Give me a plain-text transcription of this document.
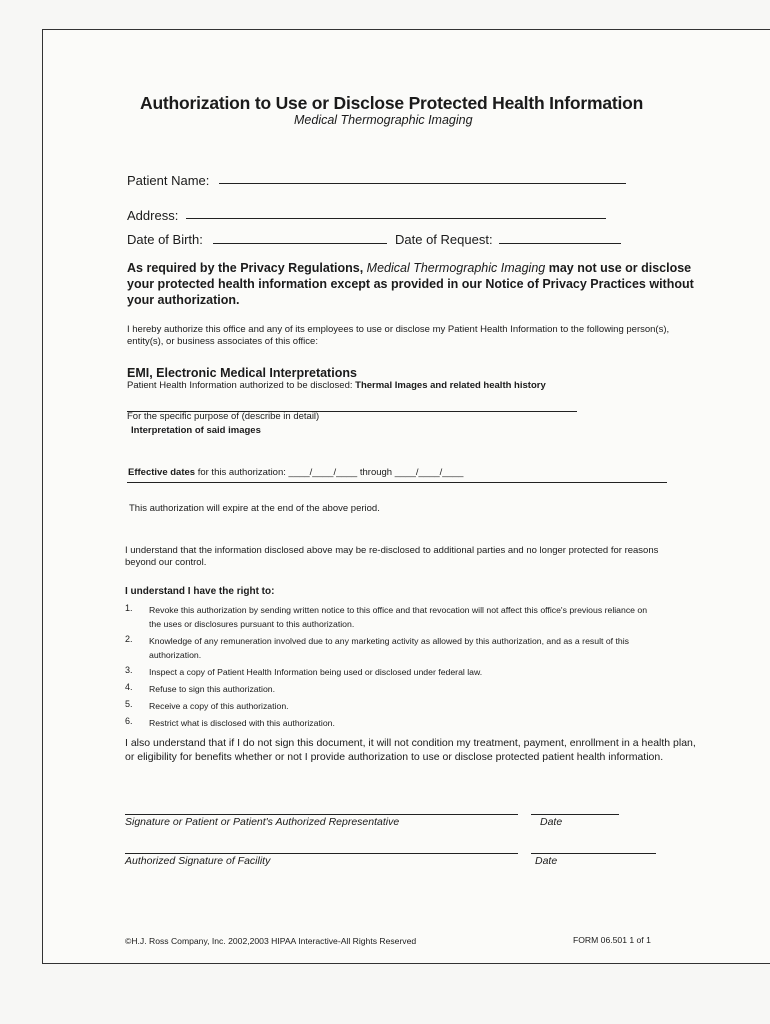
Authorization to Use or Disclose Protected Health Information
Medical Thermographic Imaging
Patient Name:
Address:
Date of Birth:	Date of Request:
As required by the Privacy Regulations, Medical Thermographic Imaging may not use or disclose your protected health information except as provided in our Notice of Privacy Practices without your authorization.
I hereby authorize this office and any of its employees to use or disclose my Patient Health Information to the following person(s), entity(s), or business associates of this office:
EMI, Electronic Medical Interpretations
Patient Health Information authorized to be disclosed: Thermal Images and related health history
For the specific purpose of (describe in detail)
Interpretation of said images
Effective dates for this authorization: ____/____/____ through ____/____/____
This authorization will expire at the end of the above period.
I understand that the information disclosed above may be re-disclosed to additional parties and no longer protected for reasons beyond our control.
I understand I have the right to:
1.	Revoke this authorization by sending written notice to this office and that revocation will not affect this office's previous reliance on the uses or disclosures pursuant to this authorization.
2.	Knowledge of any remuneration involved due to any marketing activity as allowed by this authorization, and as a result of this authorization.
3.	Inspect a copy of Patient Health Information being used or disclosed under federal law.
4.	Refuse to sign this authorization.
5.	Receive a copy of this authorization.
6.	Restrict what is disclosed with this authorization.
I also understand that if I do not sign this document, it will not condition my treatment, payment, enrollment in a health plan, or eligibility for benefits whether or not I provide authorization to use or disclose protected patient health information.
Signature or Patient or Patient's Authorized Representative	Date
Authorized Signature of Facility	Date
©H.J. Ross Company, Inc. 2002,2003 HIPAA Interactive-All Rights Reserved	FORM 06.501 1 of 1
